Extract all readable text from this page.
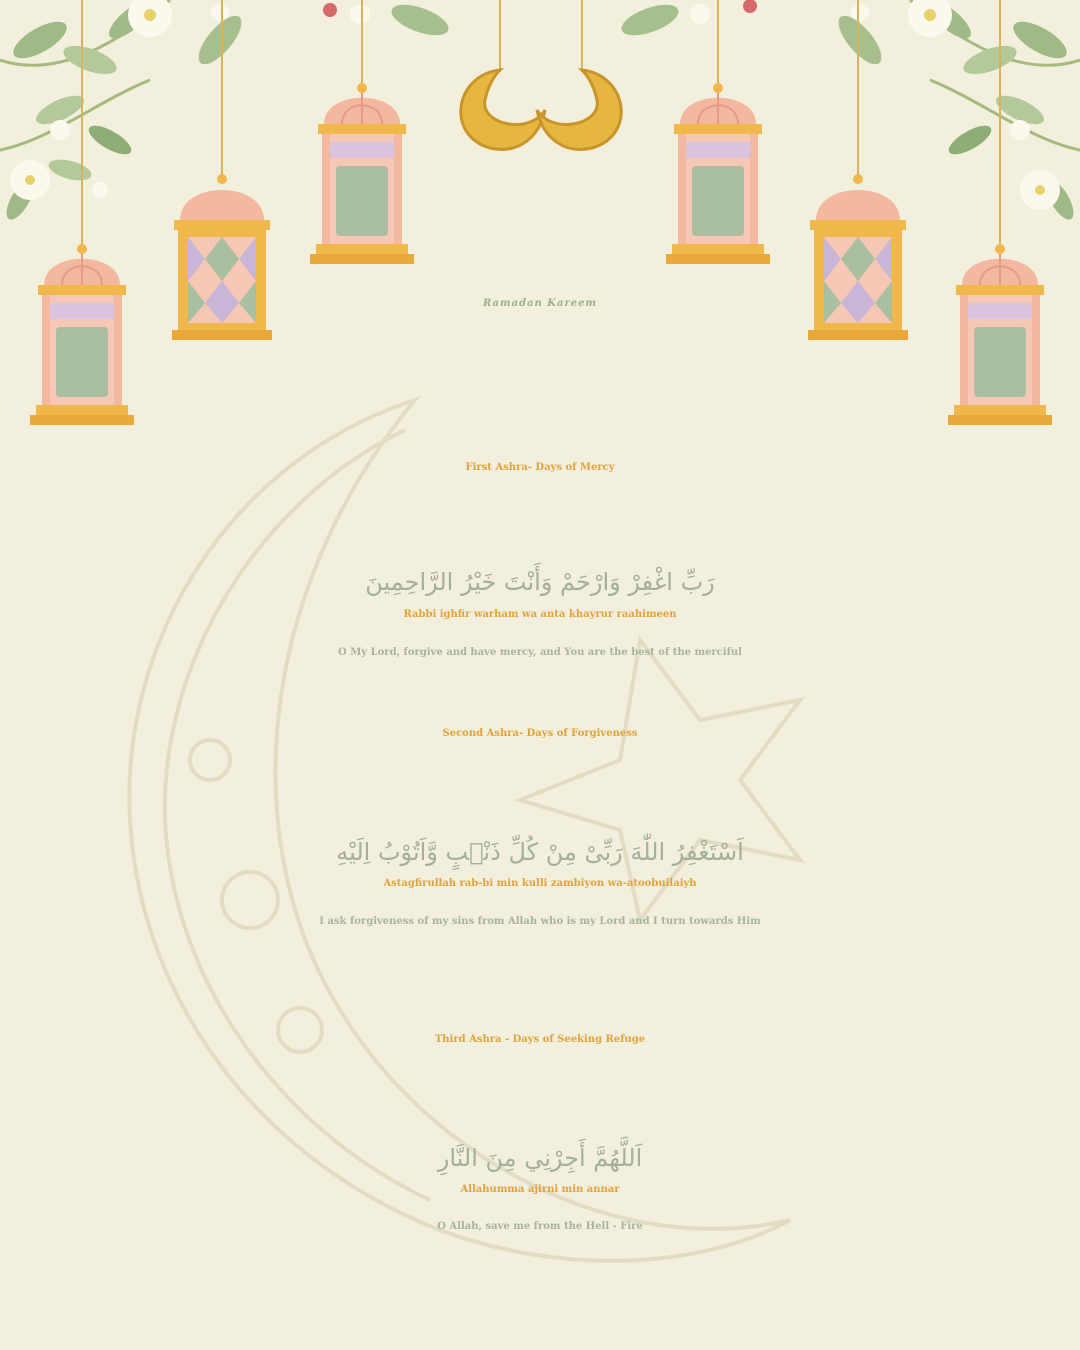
Ramadan Kareem
First Ashra- Days of Mercy
رَبِّ اغْفِرْ وَارْحَمْ وَأَنْتَ خَيْرُ الرَّاحِمِينَ
Rabbi ighfir warham wa anta khayrur raahimeen
O My Lord, forgive and have mercy, and You are the best of the merciful
Second Ashra- Days of Forgiveness
اَسْتَغْفِرُ اللّٰهَ رَبِّیْ مِنْ كُلِّ ذَنْۢبٍ وَّاَتُوْبُ اِلَيْهِ
Astagfirullah rab-bi min kulli zambiyon wa-atoobuilaiyh
I ask forgiveness of my sins from Allah who is my Lord and I turn towards Him
Third Ashra - Days of Seeking Refuge
اَللَّهُمَّ أَجِرْنِي مِنَ النَّارِ
Allahumma ajirni min annar
O Allah, save me from the Hell - Fire
